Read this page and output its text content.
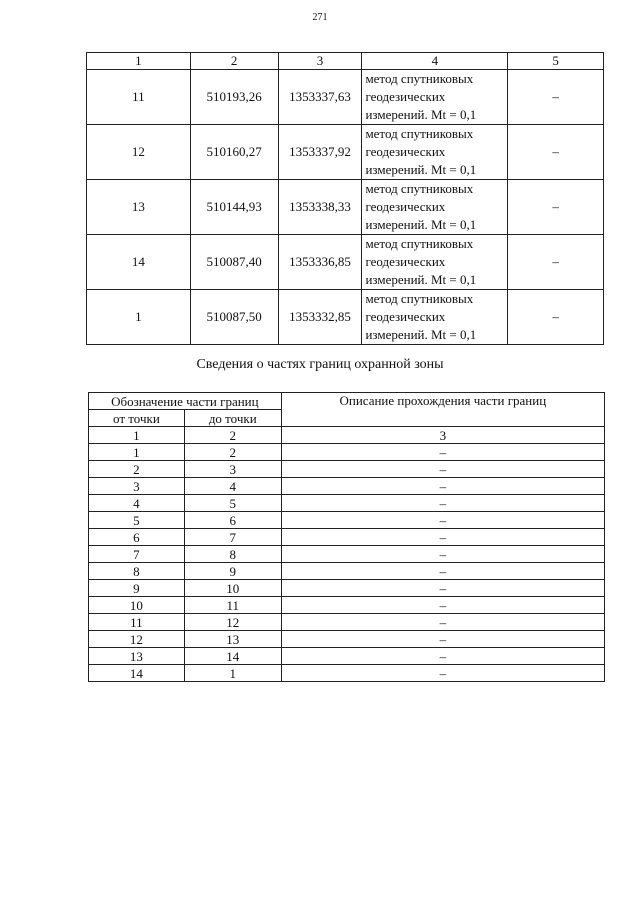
271
1	2	3	4	5
11	510193,26	1353337,63	метод спутниковых
геодезических
измерений. Mt = 0,1	–
12	510160,27	1353337,92	метод спутниковых
геодезических
измерений. Mt = 0,1	–
13	510144,93	1353338,33	метод спутниковых
геодезических
измерений. Mt = 0,1	–
14	510087,40	1353336,85	метод спутниковых
геодезических
измерений. Mt = 0,1	–
1	510087,50	1353332,85	метод спутниковых
геодезических
измерений. Mt = 0,1	–
Сведения о частях границ охранной зоны
Обозначение части границ		Описание прохождения части границ
от точки	до точки	
1	2	3
1	2	–
2	3	–
3	4	–
4	5	–
5	6	–
6	7	–
7	8	–
8	9	–
9	10	–
10	11	–
11	12	–
12	13	–
13	14	–
14	1	–
